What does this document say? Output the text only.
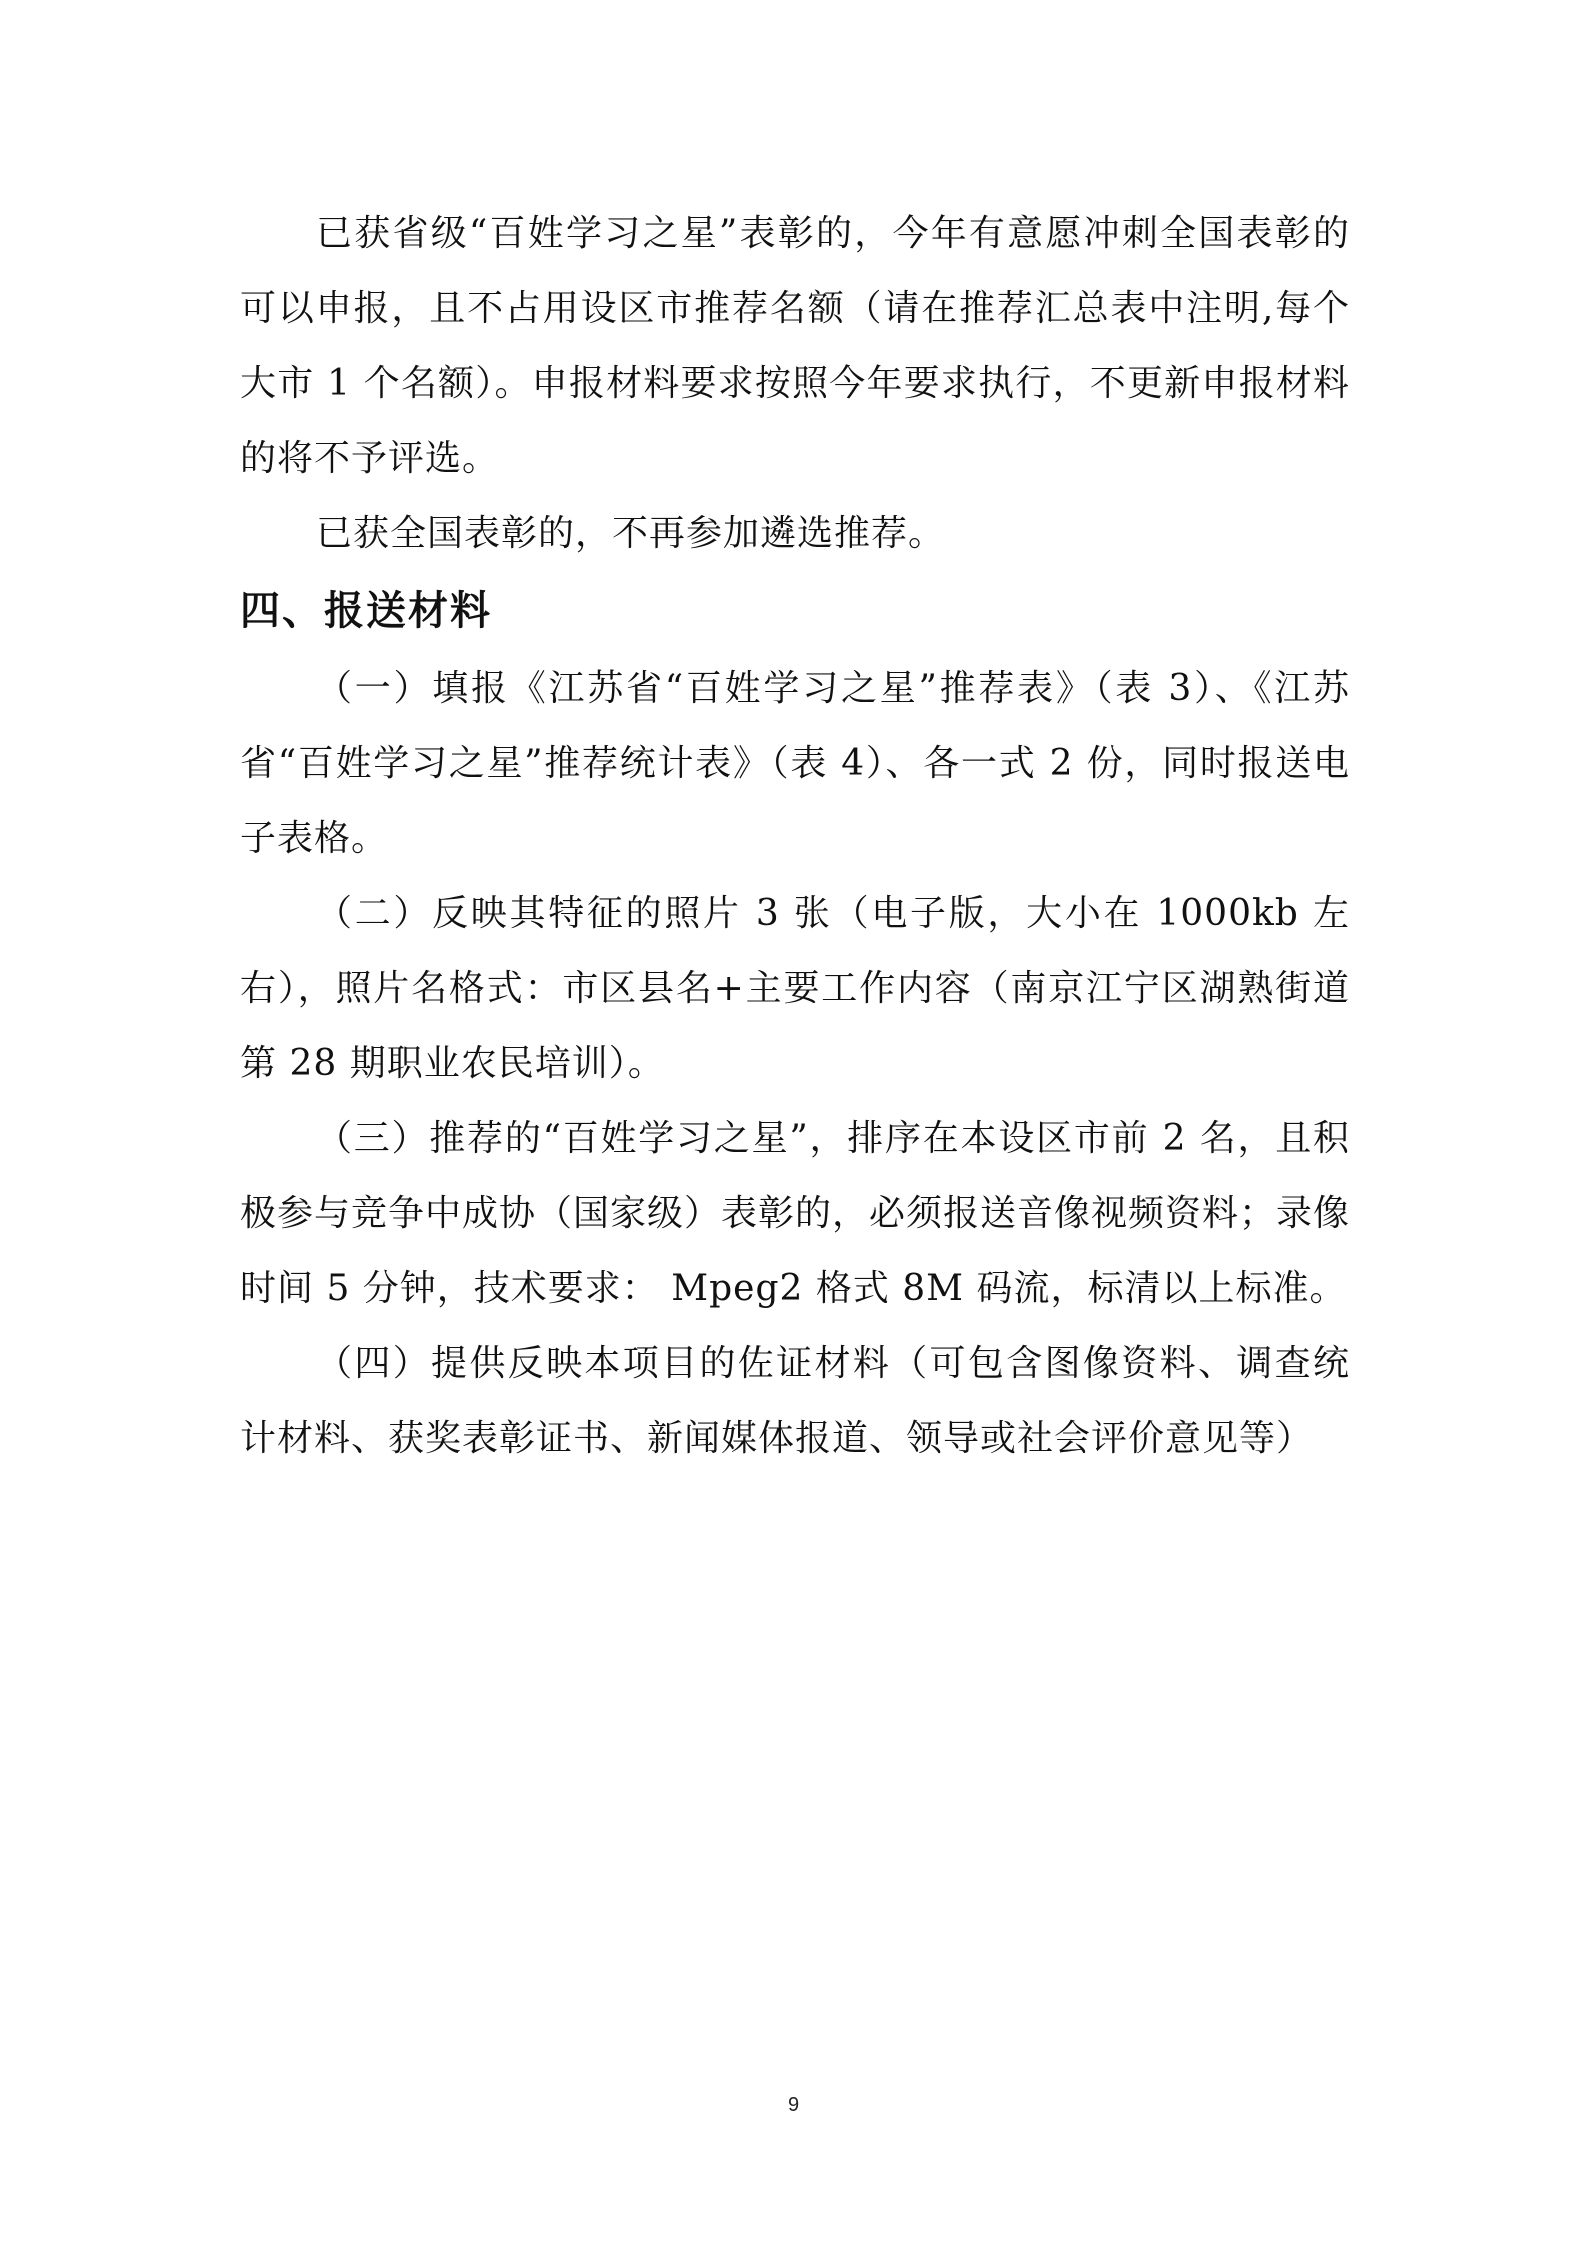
已获省级“百姓学习之星”表彰的，今年有意愿冲刺全国表彰的可以申报，且不占用设区市推荐名额（请在推荐汇总表中注明,每个大市 1 个名额）。申报材料要求按照今年要求执行，不更新申报材料的将不予评选。

已获全国表彰的，不再参加遴选推荐。

四、报送材料

（一）填报《江苏省“百姓学习之星”推荐表》（表 3）、《江苏省“百姓学习之星”推荐统计表》（表 4）、各一式 2 份，同时报送电子表格。

（二）反映其特征的照片 3 张（电子版，大小在 1000kb 左右），照片名格式：市区县名+主要工作内容（南京江宁区湖熟街道第 28 期职业农民培训）。

（三）推荐的“百姓学习之星”，排序在本设区市前 2 名，且积极参与竞争中成协（国家级）表彰的，必须报送音像视频资料；录像时间 5 分钟，技术要求： Mpeg2 格式 8M 码流，标清以上标准。

（四）提供反映本项目的佐证材料（可包含图像资料、调查统计材料、获奖表彰证书、新闻媒体报道、领导或社会评价意见等）

9
